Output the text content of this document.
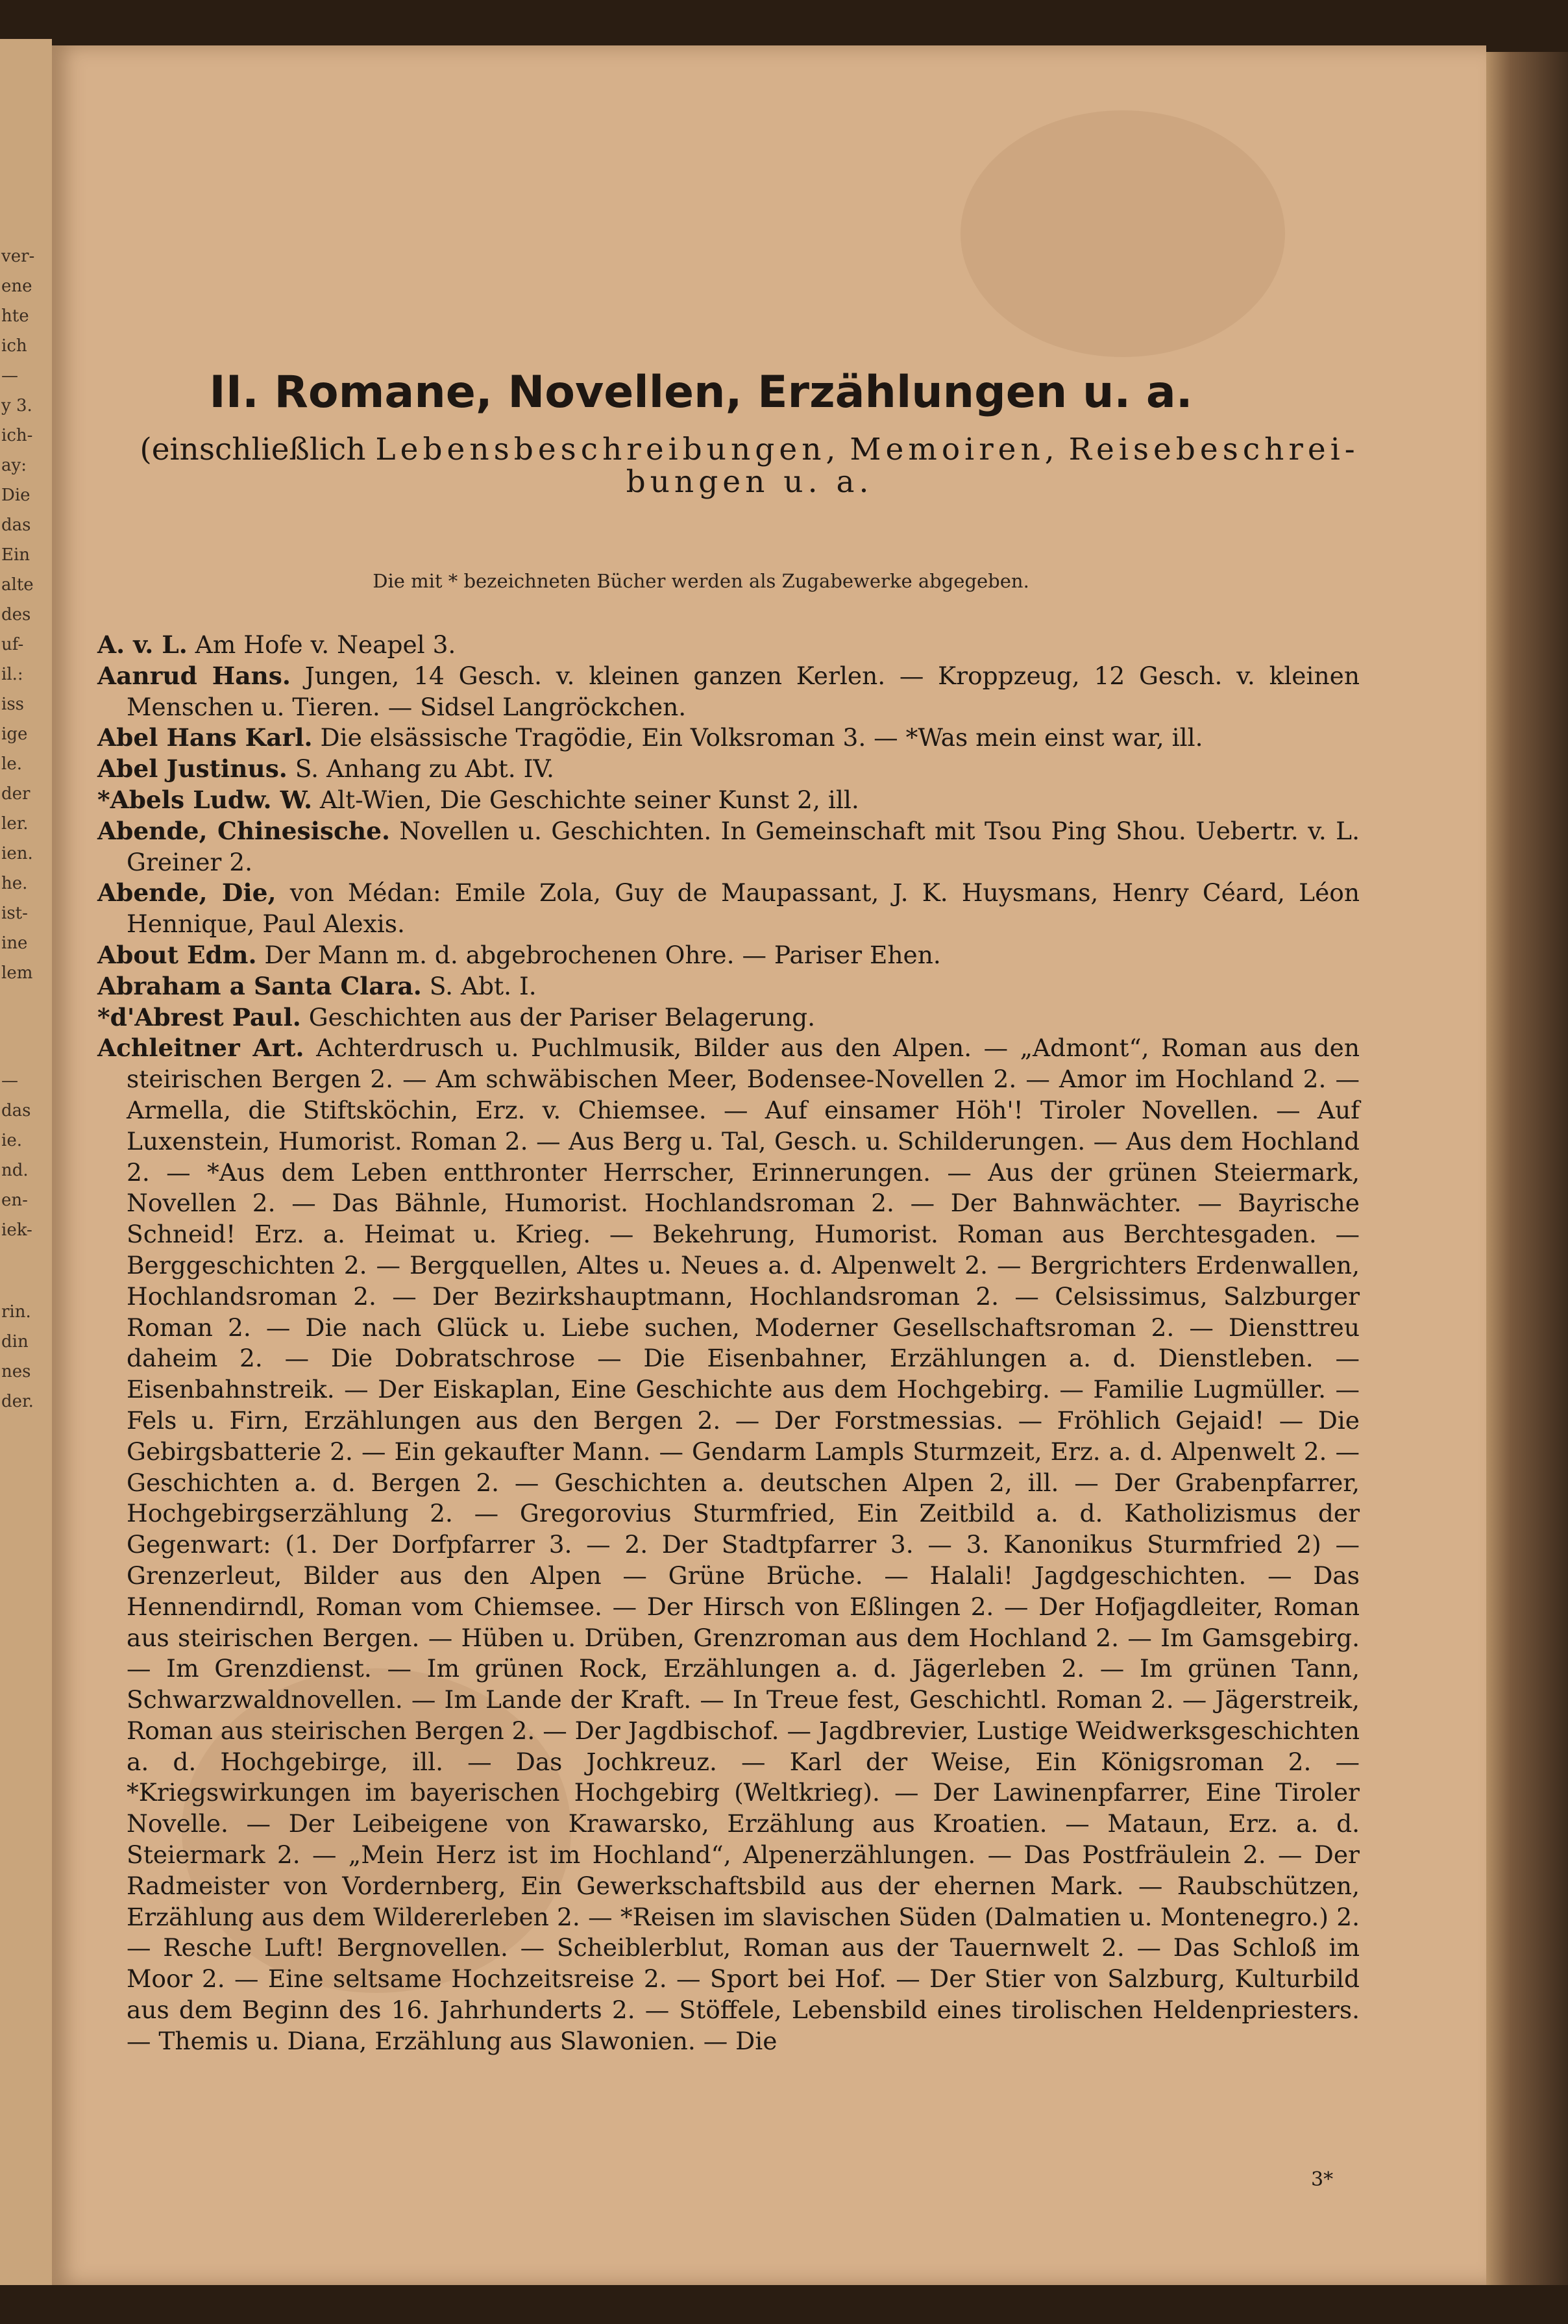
ver-
ene
hte
ich
—
y 3.
ich-
ay:
Die
das
Ein
alte
des
uf-
il.:
iss
ige
le.
der
ler.
ien.
he.
ist-
ine
lem
—
das
ie.
nd.
en-
iek-
rin.
din
nes
der.
II. Romane, Novellen, Erzählungen u. a.
(einschließlich Lebensbeschreibungen, Memoiren, Reisebeschrei-
bungen u. a.
Die mit * bezeichneten Bücher werden als Zugabewerke abgegeben.

A. v. L. Am Hofe v. Neapel 3.

Aanrud Hans. Jungen, 14 Gesch. v. kleinen ganzen Kerlen. — Kroppzeug, 12 Gesch. v. kleinen Menschen u. Tieren. — Sidsel Langröckchen.

Abel Hans Karl. Die elsässische Tragödie, Ein Volksroman 3. — *Was mein einst war, ill.

Abel Justinus. S. Anhang zu Abt. IV.

*Abels Ludw. W. Alt-Wien, Die Geschichte seiner Kunst 2, ill.

Abende, Chinesische. Novellen u. Geschichten. In Gemeinschaft mit Tsou Ping Shou. Uebertr. v. L. Greiner 2.

Abende, Die, von Médan: Emile Zola, Guy de Maupassant, J. K. Huysmans, Henry Céard, Léon Hennique, Paul Alexis.

About Edm. Der Mann m. d. abgebrochenen Ohre. — Pariser Ehen.

Abraham a Santa Clara. S. Abt. I.

*d'Abrest Paul. Geschichten aus der Pariser Belagerung.

Achleitner Art. Achterdrusch u. Puchlmusik, Bilder aus den Alpen. — „Admont“, Roman aus den steirischen Bergen 2. — Am schwäbischen Meer, Bodensee-Novellen 2. — Amor im Hochland 2. — Armella, die Stiftsköchin, Erz. v. Chiemsee. — Auf einsamer Höh'! Tiroler Novellen. — Auf Luxenstein, Humorist. Roman 2. — Aus Berg u. Tal, Gesch. u. Schilderungen. — Aus dem Hochland 2. — *Aus dem Leben entthronter Herrscher, Erinnerungen. — Aus der grünen Steiermark, Novellen 2. — Das Bähnle, Humorist. Hochlandsroman 2. — Der Bahnwächter. — Bayrische Schneid! Erz. a. Heimat u. Krieg. — Bekehrung, Humorist. Roman aus Berchtesgaden. — Berggeschichten 2. — Bergquellen, Altes u. Neues a. d. Alpenwelt 2. — Bergrichters Erdenwallen, Hochlandsroman 2. — Der Bezirkshauptmann, Hochlandsroman 2. — Celsissimus, Salzburger Roman 2. — Die nach Glück u. Liebe suchen, Moderner Gesellschaftsroman 2. — Diensttreu daheim 2. — Die Dobratschrose — Die Eisenbahner, Erzählungen a. d. Dienstleben. — Eisenbahnstreik. — Der Eiskaplan, Eine Geschichte aus dem Hochgebirg. — Familie Lugmüller. — Fels u. Firn, Erzählungen aus den Bergen 2. — Der Forstmessias. — Fröhlich Gejaid! — Die Gebirgsbatterie 2. — Ein gekaufter Mann. — Gendarm Lampls Sturmzeit, Erz. a. d. Alpenwelt 2. — Geschichten a. d. Bergen 2. — Geschichten a. deutschen Alpen 2, ill. — Der Grabenpfarrer, Hochgebirgserzählung 2. — Gregorovius Sturmfried, Ein Zeitbild a. d. Katholizismus der Gegenwart: (1. Der Dorfpfarrer 3. — 2. Der Stadtpfarrer 3. — 3. Kanonikus Sturmfried 2) — Grenzerleut, Bilder aus den Alpen — Grüne Brüche. — Halali! Jagdgeschichten. — Das Hennendirndl, Roman vom Chiemsee. — Der Hirsch von Eßlingen 2. — Der Hofjagdleiter, Roman aus steirischen Bergen. — Hüben u. Drüben, Grenzroman aus dem Hochland 2. — Im Gamsgebirg. — Im Grenzdienst. — Im grünen Rock, Erzählungen a. d. Jägerleben 2. — Im grünen Tann, Schwarzwaldnovellen. — Im Lande der Kraft. — In Treue fest, Geschichtl. Roman 2. — Jägerstreik, Roman aus steirischen Bergen 2. — Der Jagdbischof. — Jagdbrevier, Lustige Weidwerksgeschichten a. d. Hochgebirge, ill. — Das Jochkreuz. — Karl der Weise, Ein Königsroman 2. — *Kriegswirkungen im bayerischen Hochgebirg (Weltkrieg). — Der Lawinenpfarrer, Eine Tiroler Novelle. — Der Leibeigene von Krawarsko, Erzählung aus Kroatien. — Mataun, Erz. a. d. Steiermark 2. — „Mein Herz ist im Hochland“, Alpenerzählungen. — Das Postfräulein 2. — Der Radmeister von Vordernberg, Ein Gewerkschaftsbild aus der ehernen Mark. — Raubschützen, Erzählung aus dem Wildererleben 2. — *Reisen im slavischen Süden (Dalmatien u. Montenegro.) 2. — Resche Luft! Bergnovellen. — Scheiblerblut, Roman aus der Tauernwelt 2. — Das Schloß im Moor 2. — Eine seltsame Hochzeitsreise 2. — Sport bei Hof. — Der Stier von Salzburg, Kulturbild aus dem Beginn des 16. Jahrhunderts 2. — Stöffele, Lebensbild eines tirolischen Heldenpriesters. — Themis u. Diana, Erzählung aus Slawonien. — Die

3*
